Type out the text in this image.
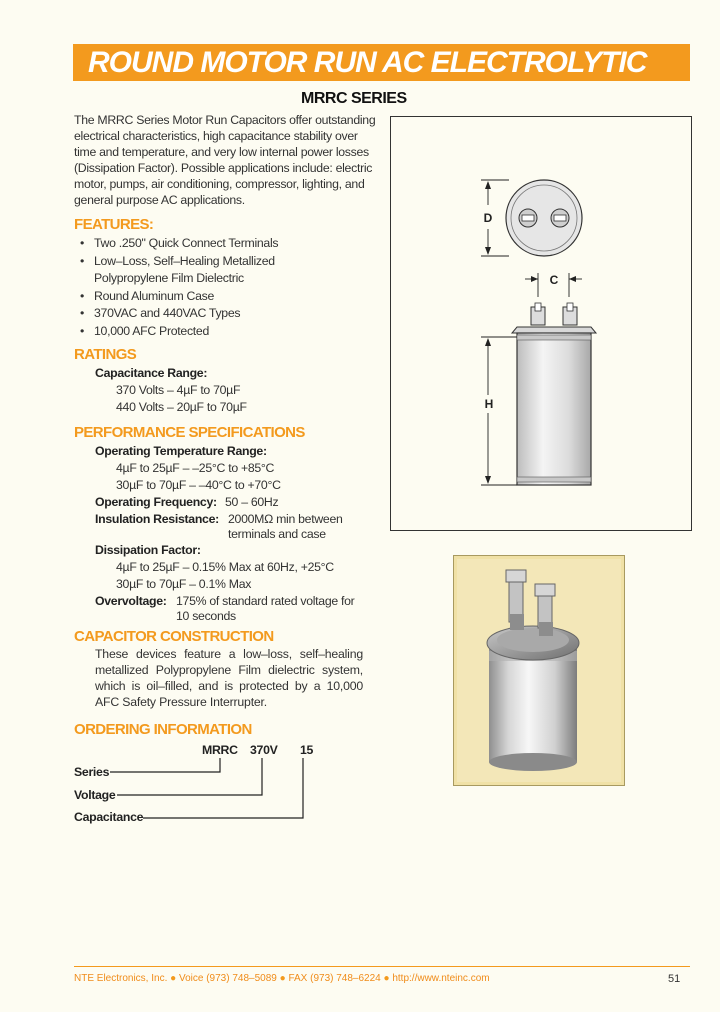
ROUND MOTOR RUN AC ELECTROLYTIC
MRRC SERIES
The MRRC Series Motor Run Capacitors offer outstanding
electrical characteristics, high capacitance stability over
time and temperature, and very low internal power losses
(Dissipation Factor). Possible applications include: electric
motor, pumps, air conditioning, compressor, lighting, and
general purpose AC applications.
FEATURES:
• Two .250" Quick Connect Terminals
• Low–Loss, Self–Healing Metallized
Polypropylene Film Dielectric
• Round Aluminum Case
• 370VAC and 440VAC Types
• 10,000 AFC Protected
RATINGS
Capacitance Range:
370 Volts – 4µF to 70µF
440 Volts – 20µF to 70µF
PERFORMANCE SPECIFICATIONS
Operating Temperature Range:
4µF to 25µF – –25°C to +85°C
30µF to 70µF – –40°C to +70°C
Operating Frequency: 50 – 60Hz
Insulation Resistance: 2000MΩ min between
terminals and case
Dissipation Factor:
4µF to 25µF – 0.15% Max at 60Hz, +25°C
30µF to 70µF – 0.1% Max
Overvoltage: 175% of standard rated voltage for
10 seconds
CAPACITOR CONSTRUCTION
These devices feature a low–loss, self–healing metallized Polypropylene Film dielectric system, which is oil–filled, and is protected by a 10,000 AFC Safety Pressure Interrupter.
ORDERING INFORMATION
MRRC 370V 15
Series
Voltage
Capacitance
D
C
H
NTE Electronics, Inc. ● Voice (973) 748–5089 ● FAX (973) 748–6224 ● http://www.nteinc.com	51
